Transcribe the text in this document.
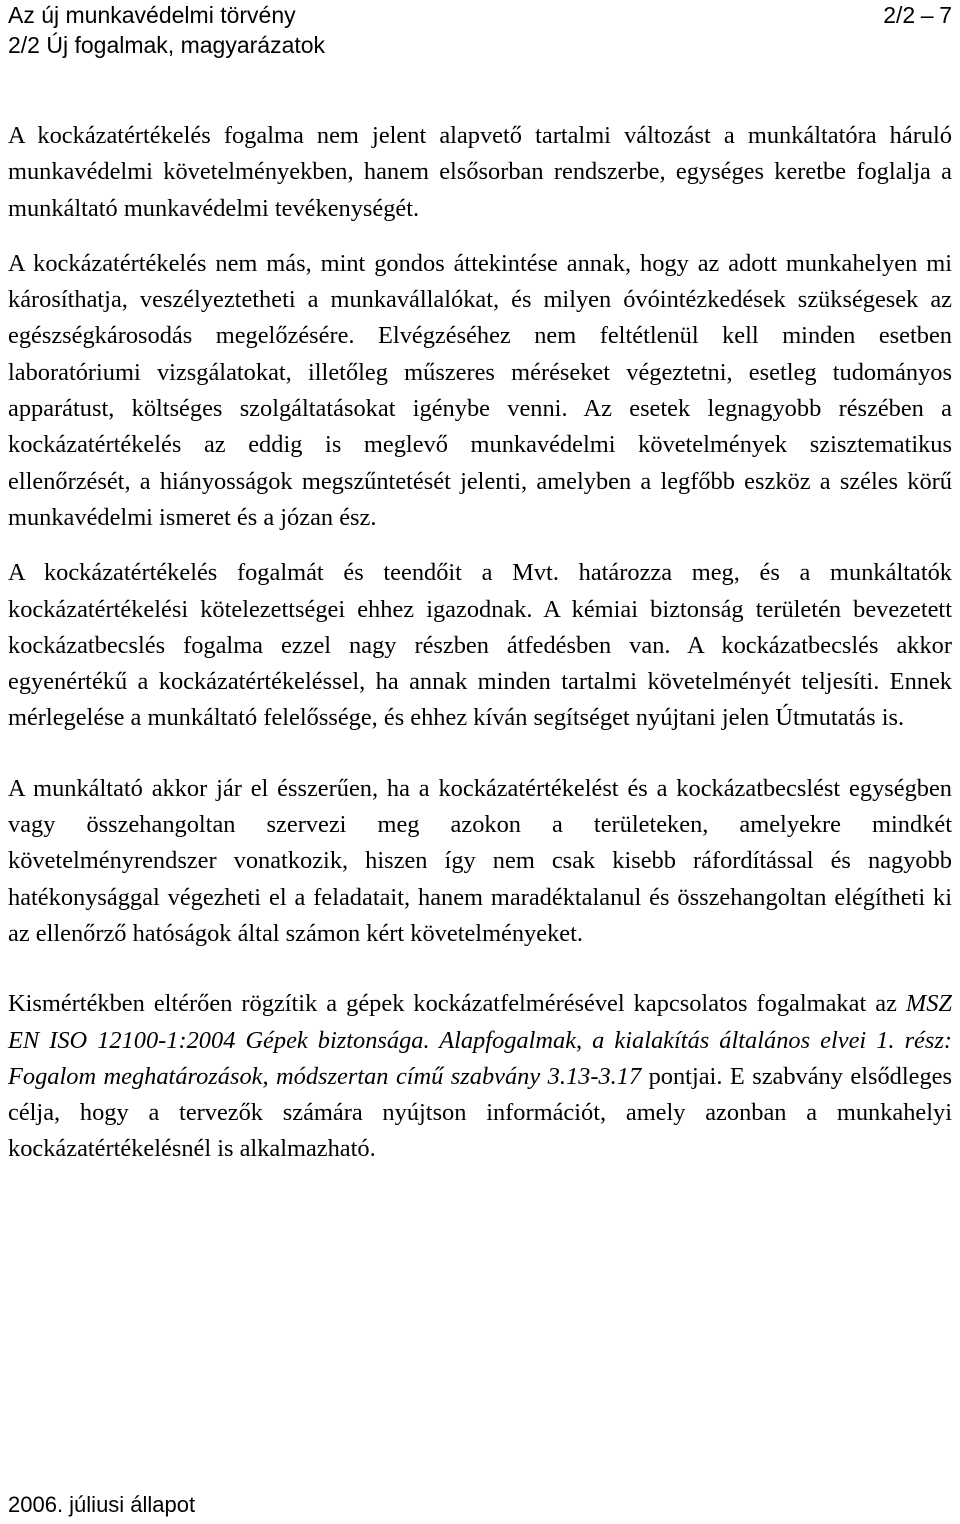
Az új munkavédelmi törvény	2/2 – 7
2/2 Új fogalmak, magyarázatok

A kockázatértékelés fogalma nem jelent alapvető tartalmi változást a munkáltatóra háruló munkavédelmi követelményekben, hanem elsősorban rendszerbe, egységes keretbe foglalja a munkáltató munkavédelmi tevékenységét.

A kockázatértékelés nem más, mint gondos áttekintése annak, hogy az adott munkahelyen mi károsíthatja, veszélyeztetheti a munkavállalókat, és milyen óvóintézkedések szükségesek az egészségkárosodás megelőzésére. Elvégzéséhez nem feltétlenül kell minden esetben laboratóriumi vizsgálatokat, illetőleg műszeres méréseket végeztetni, esetleg tudományos apparátust, költséges szolgáltatásokat igénybe venni. Az esetek legnagyobb részében a kockázatértékelés az eddig is meglevő munkavédelmi követelmények szisztematikus ellenőrzését, a hiányosságok megszűntetését jelenti, amelyben a legfőbb eszköz a széles körű munkavédelmi ismeret és a józan ész.

A kockázatértékelés fogalmát és teendőit a Mvt. határozza meg, és a munkáltatók kockázatértékelési kötelezettségei ehhez igazodnak. A kémiai biztonság területén bevezetett kockázatbecslés fogalma ezzel nagy részben átfedésben van. A kockázatbecslés akkor egyenértékű a kockázatértékeléssel, ha annak minden tartalmi követelményét teljesíti. Ennek mérlegelése a munkáltató felelőssége, és ehhez kíván segítséget nyújtani jelen Útmutatás is.

A munkáltató akkor jár el ésszerűen, ha a kockázatértékelést és a kockázatbecslést egységben vagy összehangoltan szervezi meg azokon a területeken, amelyekre mindkét követelményrendszer vonatkozik, hiszen így nem csak kisebb ráfordítással és nagyobb hatékonysággal végezheti el a feladatait, hanem maradéktalanul és összehangoltan elégítheti ki az ellenőrző hatóságok által számon kért követelményeket.

Kismértékben eltérően rögzítik a gépek kockázatfelmérésével kapcsolatos fogalmakat az MSZ EN ISO 12100-1:2004 Gépek biztonsága. Alapfogalmak, a kialakítás általános elvei 1. rész: Fogalom meghatározások, módszertan című szabvány 3.13-3.17 pontjai. E szabvány elsődleges célja, hogy a tervezők számára nyújtson információt, amely azonban a munkahelyi kockázatértékelésnél is alkalmazható.

2006. júliusi állapot
